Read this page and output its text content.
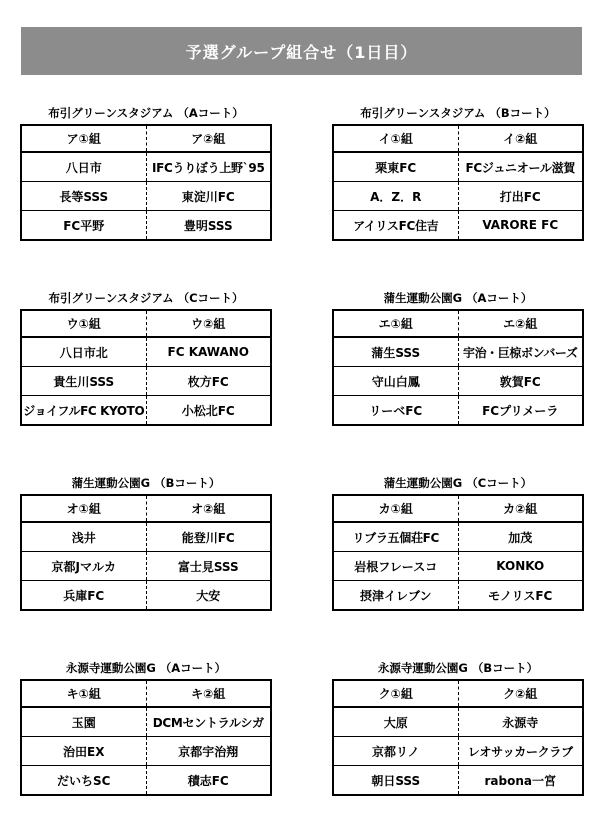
予選グループ組合せ（1日目）
布引グリーンスタジアム （Aコート）
ア①組	ア②組
八日市	IFCうりぼう上野`95
長等SSS	東淀川FC
FC平野	豊明SSS
布引グリーンスタジアム （Bコート）
イ①組	イ②組
栗東FC	FCジュニオール滋賀
A．Z．R	打出FC
アイリスFC住吉	VARORE FC
布引グリーンスタジアム （Cコート）
ウ①組	ウ②組
八日市北	FC KAWANO
貴生川SSS	枚方FC
ジョイフルFC KYOTO	小松北FC
蒲生運動公園G （Aコート）
エ①組	エ②組
蒲生SSS	宇治・巨椋ボンバーズ
守山白鳳	敦賀FC
リーベFC	FCプリメーラ
蒲生運動公園G （Bコート）
オ①組	オ②組
浅井	能登川FC
京都Jマルカ	富士見SSS
兵庫FC	大安
蒲生運動公園G （Cコート）
カ①組	カ②組
リブラ五個荘FC	加茂
岩根フレースコ	KONKO
摂津イレブン	モノリスFC
永源寺運動公園G （Aコート）
キ①組	キ②組
玉園	DCMセントラルシガ
治田EX	京都宇治翔
だいちSC	積志FC
永源寺運動公園G （Bコート）
ク①組	ク②組
大原	永源寺
京都リノ	レオサッカークラブ
朝日SSS	rabona一宮
